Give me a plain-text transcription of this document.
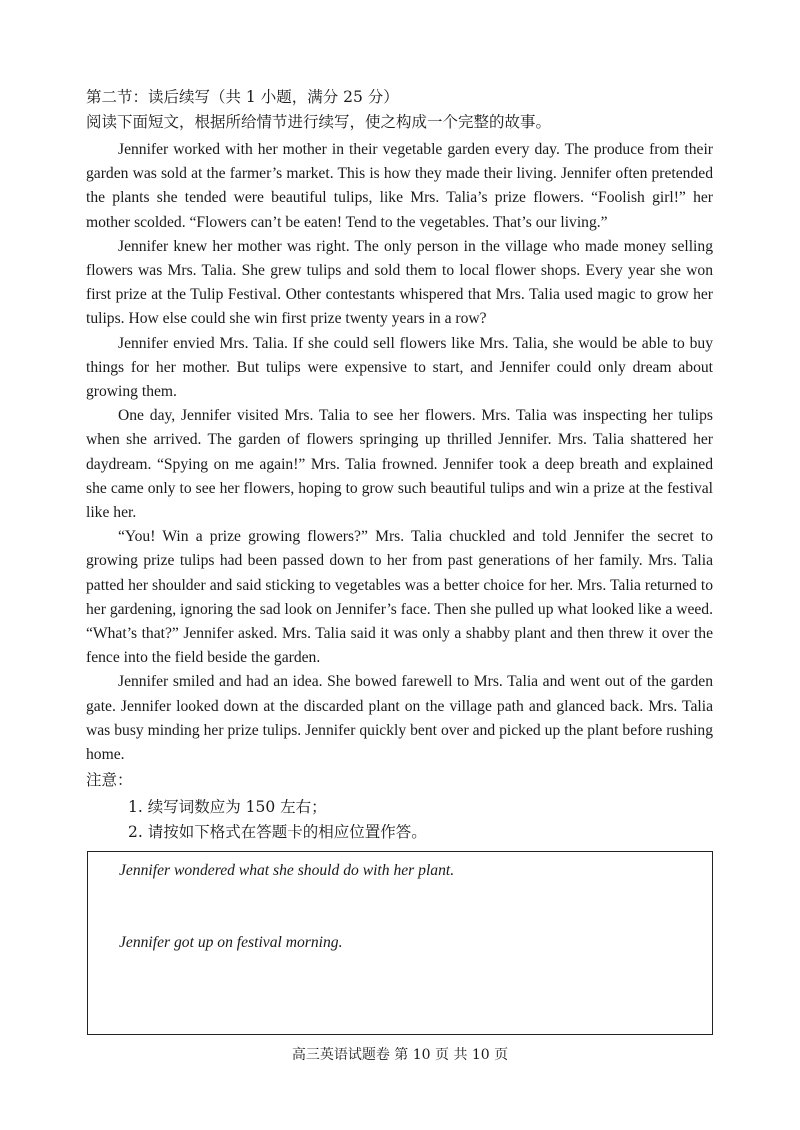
第二节：读后续写（共 1 小题，满分 25 分）
阅读下面短文，根据所给情节进行续写，使之构成一个完整的故事。

Jennifer worked with her mother in their vegetable garden every day. The produce from their garden was sold at the farmer’s market. This is how they made their living. Jennifer often pretended the plants she tended were beautiful tulips, like Mrs. Talia’s prize flowers. “Foolish girl!” her mother scolded. “Flowers can’t be eaten! Tend to the vegetables. That’s our living.”

Jennifer knew her mother was right. The only person in the village who made money selling flowers was Mrs. Talia. She grew tulips and sold them to local flower shops. Every year she won first prize at the Tulip Festival. Other contestants whispered that Mrs. Talia used magic to grow her tulips. How else could she win first prize twenty years in a row?

Jennifer envied Mrs. Talia. If she could sell flowers like Mrs. Talia, she would be able to buy things for her mother. But tulips were expensive to start, and Jennifer could only dream about growing them.

One day, Jennifer visited Mrs. Talia to see her flowers. Mrs. Talia was inspecting her tulips when she arrived. The garden of flowers springing up thrilled Jennifer. Mrs. Talia shattered her daydream. “Spying on me again!” Mrs. Talia frowned. Jennifer took a deep breath and explained she came only to see her flowers, hoping to grow such beautiful tulips and win a prize at the festival like her.

“You! Win a prize growing flowers?” Mrs. Talia chuckled and told Jennifer the secret to growing prize tulips had been passed down to her from past generations of her family. Mrs. Talia patted her shoulder and said sticking to vegetables was a better choice for her. Mrs. Talia returned to her gardening, ignoring the sad look on Jennifer’s face. Then she pulled up what looked like a weed. “What’s that?” Jennifer asked. Mrs. Talia said it was only a shabby plant and then threw it over the fence into the field beside the garden.

Jennifer smiled and had an idea. She bowed farewell to Mrs. Talia and went out of the garden gate. Jennifer looked down at the discarded plant on the village path and glanced back. Mrs. Talia was busy minding her prize tulips. Jennifer quickly bent over and picked up the plant before rushing home.

注意：
1. 续写词数应为 150 左右；
2. 请按如下格式在答题卡的相应位置作答。
Jennifer wondered what she should do with her plant.
Jennifer got up on festival morning.
高三英语试题卷 第 10 页 共 10 页
